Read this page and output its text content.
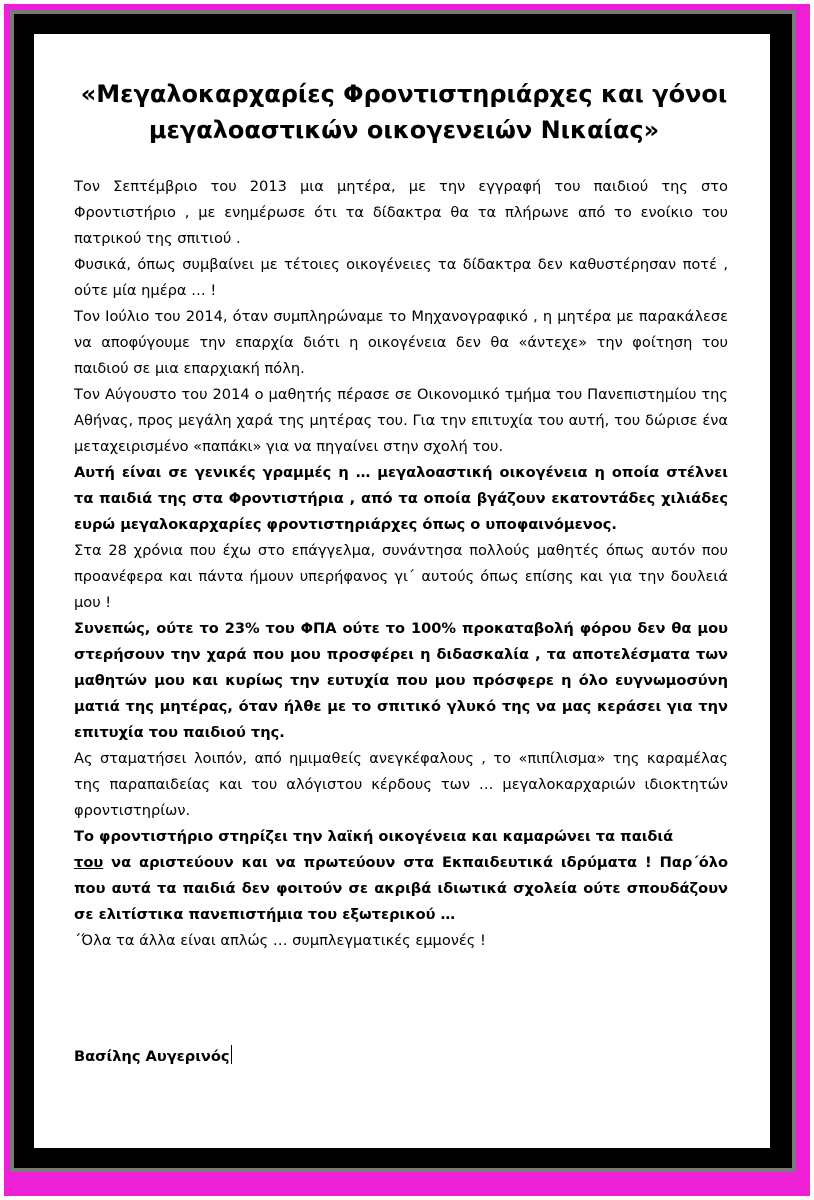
«Μεγαλοκαρχαρίες Φροντιστηριάρχες και γόνοι
μεγαλοαστικών οικογενειών Νικαίας»

Τον Σεπτέμβριο του 2013 μια μητέρα, με την εγγραφή του παιδιού της στο Φροντιστήριο , με ενημέρωσε ότι τα δίδακτρα θα τα πλήρωνε από το ενοίκιο του πατρικού της σπιτιού .

Φυσικά, όπως συμβαίνει με τέτοιες οικογένειες τα δίδακτρα δεν καθυστέρησαν ποτέ , ούτε μία ημέρα … !

Τον Ιούλιο του 2014, όταν συμπληρώναμε το Μηχανογραφικό , η μητέρα με παρακάλεσε να αποφύγουμε την επαρχία διότι η οικογένεια δεν θα «άντεχε» την φοίτηση του παιδιού σε μια επαρχιακή πόλη.

Τον Αύγουστο του 2014 ο μαθητής πέρασε σε Οικονομικό τμήμα του Πανεπιστημίου της Αθήνας, προς μεγάλη χαρά της μητέρας του. Για την επιτυχία του αυτή, του δώρισε ένα μεταχειρισμένο «παπάκι» για να πηγαίνει στην σχολή του.

Αυτή είναι σε γενικές γραμμές η … μεγαλοαστική οικογένεια η οποία στέλνει τα παιδιά της στα Φροντιστήρια , από τα οποία βγάζουν εκατοντάδες χιλιάδες ευρώ μεγαλοκαρχαρίες φροντιστηριάρχες όπως ο υποφαινόμενος.

Στα 28 χρόνια που έχω στο επάγγελμα, συνάντησα πολλούς μαθητές όπως αυτόν που προανέφερα και πάντα ήμουν υπερήφανος γι΄ αυτούς όπως επίσης και για την δουλειά μου !

Συνεπώς, ούτε το 23% του ΦΠΑ ούτε το 100% προκαταβολή φόρου δεν θα μου στερήσουν την χαρά που μου προσφέρει η διδασκαλία , τα αποτελέσματα των μαθητών μου και κυρίως την ευτυχία που μου πρόσφερε η όλο ευγνωμοσύνη ματιά της μητέρας, όταν ήλθε με το σπιτικό γλυκό της να μας κεράσει για την επιτυχία του παιδιού της.

Ας σταματήσει λοιπόν, από ημιμαθείς ανεγκέφαλους , το «πιπίλισμα» της καραμέλας της παραπαιδείας και του αλόγιστου κέρδους των … μεγαλοκαρχαριών ιδιοκτητών φροντιστηρίων.

Το φροντιστήριο στηρίζει την λαϊκή οικογένεια και καμαρώνει τα παιδιά
του να αριστεύουν και να πρωτεύουν στα Εκπαιδευτικά ιδρύματα ! Παρ΄όλο που αυτά τα παιδιά δεν φοιτούν σε ακριβά ιδιωτικά σχολεία ούτε σπουδάζουν σε ελιτίστικα πανεπιστήμια του εξωτερικού …

΄Όλα τα άλλα είναι απλώς … συμπλεγματικές εμμονές !

Βασίλης Αυγερινός
